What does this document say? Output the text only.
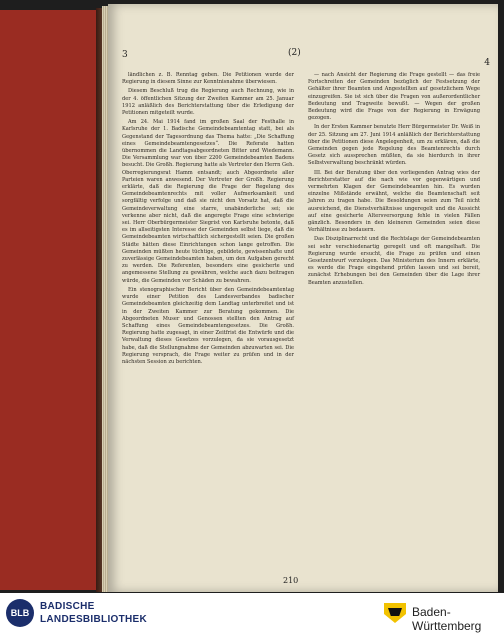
3	(2)
4

ländlichen z. B. Renntag geben. Die Petitionen wurde der Regierung in diesem Sinne zur Kenntnisnahme überwiesen.

Diesem Beschluß trug die Regierung auch Rechnung, wie in der 4. öffentlichen Sitzung der Zweiten Kammer am 25. Januar 1912 anläßlich des Berichterstattung über die Erledigung der Petitionen mitgeteilt wurde.

Am 24. Mai 1914 fand im großen Saal der Festhalle in Karlsruhe der 1. Badische Gemeindebeamtentag statt, bei als Gegenstand der Tagesordnung das Thema hatte: „Die Schaffung eines Gemeindebeamtengesetzes“. Die Referate hatten übernommen die Landtagsabgeordneten Bitter und Wiedemann. Die Versammlung war von über 2200 Gemeindebeamten Badens besucht. Die Großh. Regierung hatte als Vertreter den Herrn Geh. Oberregierungsrat Hamm entsandt; auch Abgeordnete aller Parteien waren anwesend. Der Vertreter der Großh. Regierung erklärte, daß die Regierung die Frage der Regelung des Gemeindebeamtenrechts mit voller Aufmerksamkeit und sorgfältig verfolge und daß sie nicht den Vorsatz hat, daß die Gemeindeverwaltung eine starre, unabänderliche sei; sie verkenne aber nicht, daß die angeregte Frage eine schwierige sei. Herr Oberbürgermeister Siegrist von Karlsruhe betonte, daß es im allseitigsten Interesse der Gemeinden selbst liege, daß die Gemeindebeamten wirtschaftlich sichergestellt seien. Die großen Städte hätten diese Einrichtungen schon lange getroffen. Die Gemeinden müßten heute tüchtige, gebildete, gewissenhafte und zuverlässige Gemeindebeamten haben, um den Aufgaben gerecht zu werden. Die Referenten, besonders eine gesicherte und angemessene Stellung zu gewähren, welche auch dazu beitragen würde, die Gemeinden vor Schäden zu bewahren.

Ein stenographischer Bericht über den Gemeindebeamtentag wurde einer Petition des Landesverbandes badischer Gemeindebeamten gleichzeitig dem Landtag unterbreitet und ist in der Zweiten Kammer zur Beratung gekommen. Die Abgeordneten Muser und Genossen stellten den Antrag auf Schaffung eines Gemeindebeamtengesetzes. Die Großh. Regierung hatte zugesagt, in einer Zeitfrist die Entwürfe und die Verwaltung dieses Gesetzes vorzulegen, da sie vorausgesetzt habe, daß die Stellungnahme der Gemeinden abzuwarten sei. Die Regierung versprach, die Frage weiter zu prüfen und in der nächsten Session zu berichten.

— nach Ansicht der Regierung die Frage gestellt — das freie Fortschreiten der Gemeinden bezüglich der Festsetzung der Gehälter ihrer Beamten und Angestellten auf gesetzlichem Wege einzugreifen. Sie ist sich über die Fragen von außerordentlicher Bedeutung und Tragweite bewußt. — Wegen der großen Bedeutung wird die Frage von der Regierung in Erwägung gezogen.

In der Ersten Kammer benutzte Herr Bürgermeister Dr. Weiß in der 25. Sitzung am 27. Juni 1914 anläßlich der Berichterstattung über die Petitionen diese Angelegenheit, um zu erklären, daß die Gemeinden gegen jede Regelung des Beamtenrechts durch Gesetz sich aussprechen müßten, da sie hierdurch in ihrer Selbstverwaltung beschränkt würden.

III. Bei der Beratung über den vorliegenden Antrag wies der Berichterstatter auf die nach wie vor gegenwärtigen und vermehrten Klagen der Gemeindebeamten hin. Es wurden einzelne Mißstände erwähnt, welche die Beamtenschaft seit Jahren zu tragen habe. Die Besoldungen seien zum Teil nicht ausreichend, die Dienstverhältnisse ungeregelt und die Aussicht auf eine gesicherte Altersversorgung fehle in vielen Fällen gänzlich. Besonders in den kleineren Gemeinden seien diese Verhältnisse zu bedauern.

Das Disziplinarrecht und die Rechtslage der Gemeindebeamten sei sehr verschiedenartig geregelt und oft mangelhaft. Die Regierung wurde ersucht, die Frage zu prüfen und einen Gesetzentwurf vorzulegen. Das Ministerium des Innern erklärte, es werde die Frage eingehend prüfen lassen und sei bereit, zunächst Erhebungen bei den Gemeinden über die Lage ihrer Beamten anzustellen.

210
BLB
BADISCHE
LANDESBIBLIOTHEK
Baden-Württemberg
